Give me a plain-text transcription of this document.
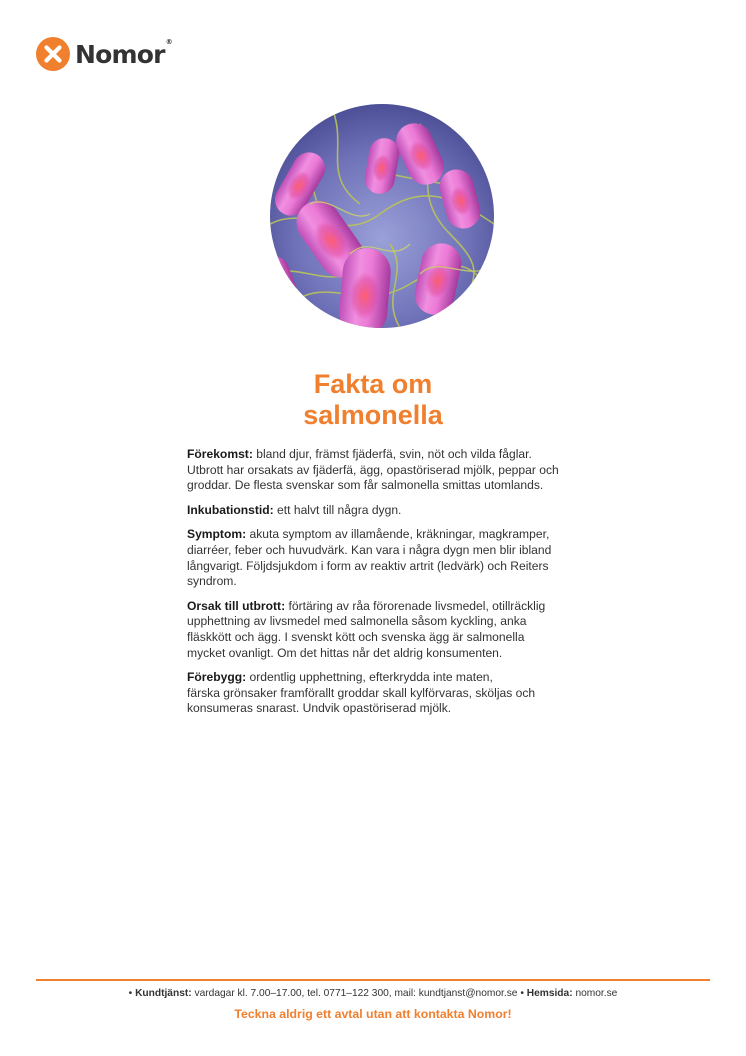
Nomor®
Fakta om
salmonella
Förekomst: bland djur, främst fjäderfä, svin, nöt och vilda fåglar.
Utbrott har orsakats av fjäderfä, ägg, opastöriserad mjölk, peppar och
groddar. De flesta svenskar som får salmonella smittas utomlands.
Inkubationstid: ett halvt till några dygn.
Symptom: akuta symptom av illamående, kräkningar, magkramper,
diarréer, feber och huvudvärk. Kan vara i några dygn men blir ibland
långvarigt. Följdsjukdom i form av reaktiv artrit (ledvärk) och Reiters
syndrom.
Orsak till utbrott: förtäring av råa förorenade livsmedel, otillräcklig
upphettning av livsmedel med salmonella såsom kyckling, anka
fläskkött och ägg. I svenskt kött och svenska ägg är salmonella
mycket ovanligt. Om det hittas når det aldrig konsumenten.
Förebygg: ordentlig upphettning, efterkrydda inte maten,
färska grönsaker framförallt groddar skall kylförvaras, sköljas och
konsumeras snarast. Undvik opastöriserad mjölk.
• Kundtjänst: vardagar kl. 7.00–17.00, tel. 0771–122 300, mail: kundtjanst@nomor.se • Hemsida: nomor.se
Teckna aldrig ett avtal utan att kontakta Nomor!
